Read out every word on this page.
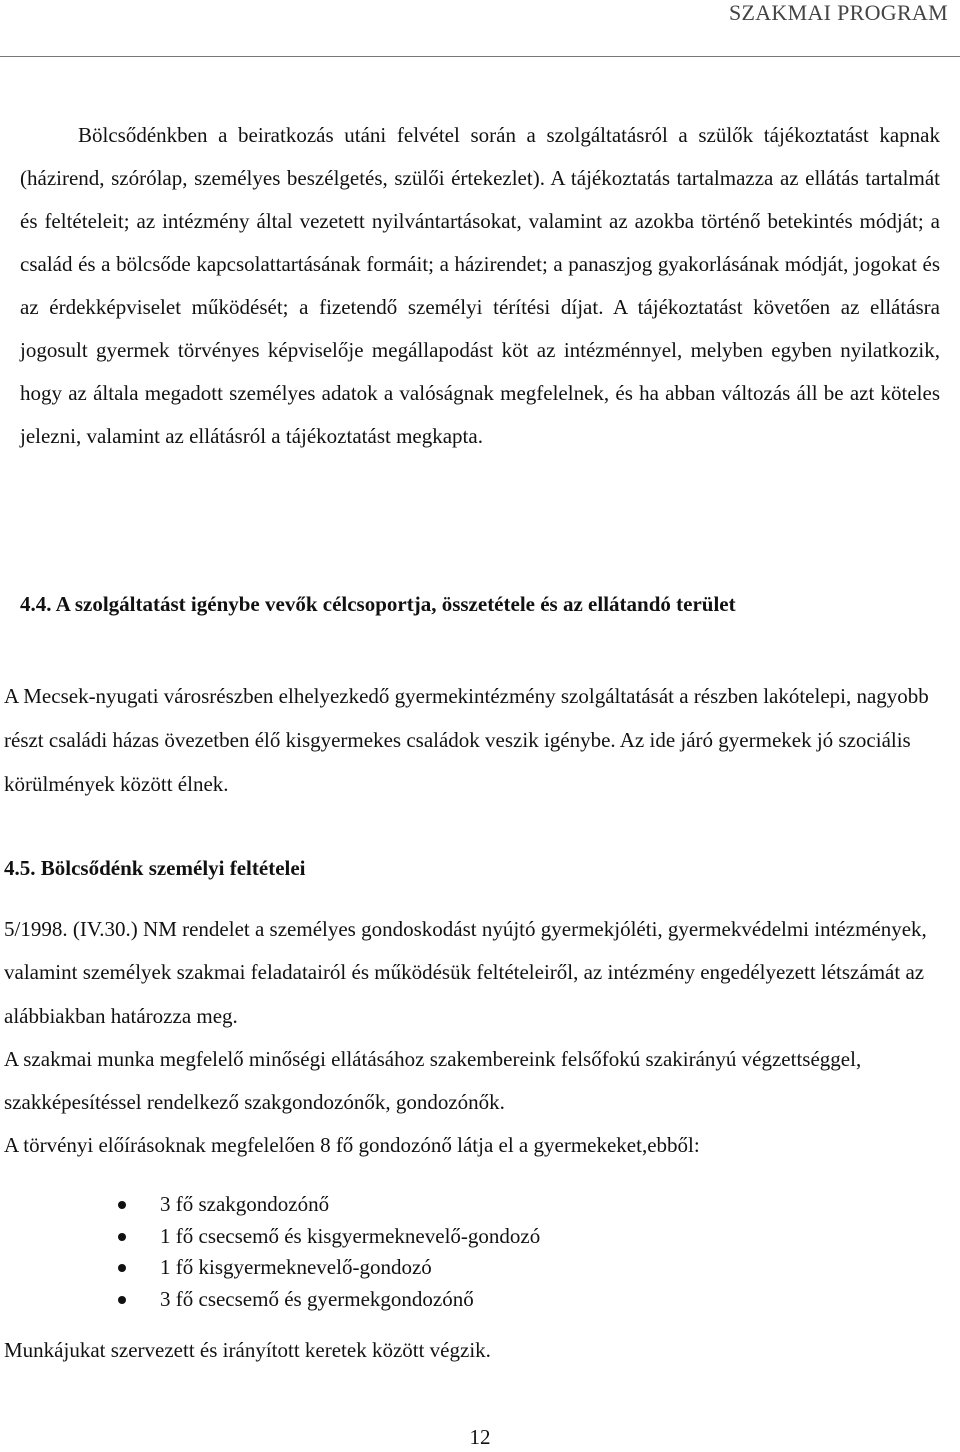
SZAKMAI PROGRAM

Bölcsődénkben a beiratkozás utáni felvétel során a szolgáltatásról a szülők tájékoztatást kapnak (házirend, szórólap, személyes beszélgetés, szülői értekezlet). A tájékoztatás tartalmazza az ellátás tartalmát és feltételeit; az intézmény által vezetett nyilvántartásokat, valamint az azokba történő betekintés módját; a család és a bölcsőde kapcsolattartásának formáit; a házirendet; a panaszjog gyakorlásának módját, jogokat és az érdekképviselet működését; a fizetendő személyi térítési díjat. A tájékoztatást követően az ellátásra jogosult gyermek törvényes képviselője megállapodást köt az intézménnyel, melyben egyben nyilatkozik, hogy az általa megadott személyes adatok a valóságnak megfelelnek, és ha abban változás áll be azt köteles jelezni, valamint az ellátásról a tájékoztatást megkapta.

4.4. A szolgáltatást igénybe vevők célcsoportja, összetétele és az ellátandó terület

A Mecsek-nyugati városrészben elhelyezkedő gyermekintézmény szolgáltatását a részben lakótelepi, nagyobb részt családi házas övezetben élő kisgyermekes családok veszik igénybe. Az ide járó gyermekek jó szociális körülmények között élnek.

4.5. Bölcsődénk személyi feltételei
5/1998. (IV.30.) NM rendelet a személyes gondoskodást nyújtó gyermekjóléti, gyermekvédelmi intézmények, valamint személyek szakmai feladatairól és működésük feltételeiről, az intézmény engedélyezett létszámát az alábbiakban határozza meg.
A szakmai munka megfelelő minőségi ellátásához szakembereink felsőfokú szakirányú végzettséggel, szakképesítéssel rendelkező szakgondozónők, gondozónők.
A törvényi előírásoknak megfelelően 8 fő gondozónő látja el a gyermekeket,ebből:
3 fő szakgondozónő
1 fő csecsemő és kisgyermeknevelő-gondozó
1 fő kisgyermeknevelő-gondozó
3 fő csecsemő és gyermekgondozónő

Munkájukat szervezett és irányított keretek között végzik.

12
